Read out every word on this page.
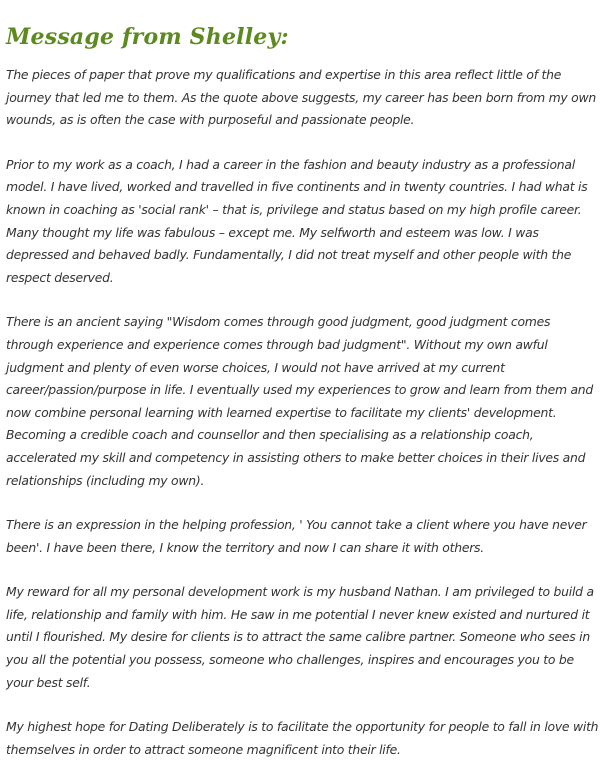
Message from Shelley:

The pieces of paper that prove my qualifications and expertise in this area reflect little of the journey that led me to them. As the quote above suggests, my career has been born from my own wounds, as is often the case with purposeful and passionate people.

Prior to my work as a coach, I had a career in the fashion and beauty industry as a professional model. I have lived, worked and travelled in five continents and in twenty countries. I had what is known in coaching as 'social rank' – that is, privilege and status based on my high profile career. Many thought my life was fabulous – except me. My selfworth and esteem was low. I was depressed and behaved badly. Fundamentally, I did not treat myself and other people with the respect deserved.

There is an ancient saying "Wisdom comes through good judgment, good judgment comes through experience and experience comes through bad judgment". Without my own awful judgment and plenty of even worse choices, I would not have arrived at my current career/passion/purpose in life. I eventually used my experiences to grow and learn from them and now combine personal learning with learned expertise to facilitate my clients' development. Becoming a credible coach and counsellor and then specialising as a relationship coach, accelerated my skill and competency in assisting others to make better choices in their lives and relationships (including my own).

There is an expression in the helping profession, ' You cannot take a client where you have never been'. I have been there, I know the territory and now I can share it with others.

My reward for all my personal development work is my husband Nathan. I am privileged to build a life, relationship and family with him. He saw in me potential I never knew existed and nurtured it until I flourished. My desire for clients is to attract the same calibre partner. Someone who sees in you all the potential you possess, someone who challenges, inspires and encourages you to be your best self.

My highest hope for Dating Deliberately is to facilitate the opportunity for people to fall in love with themselves in order to attract someone magnificent into their life.
